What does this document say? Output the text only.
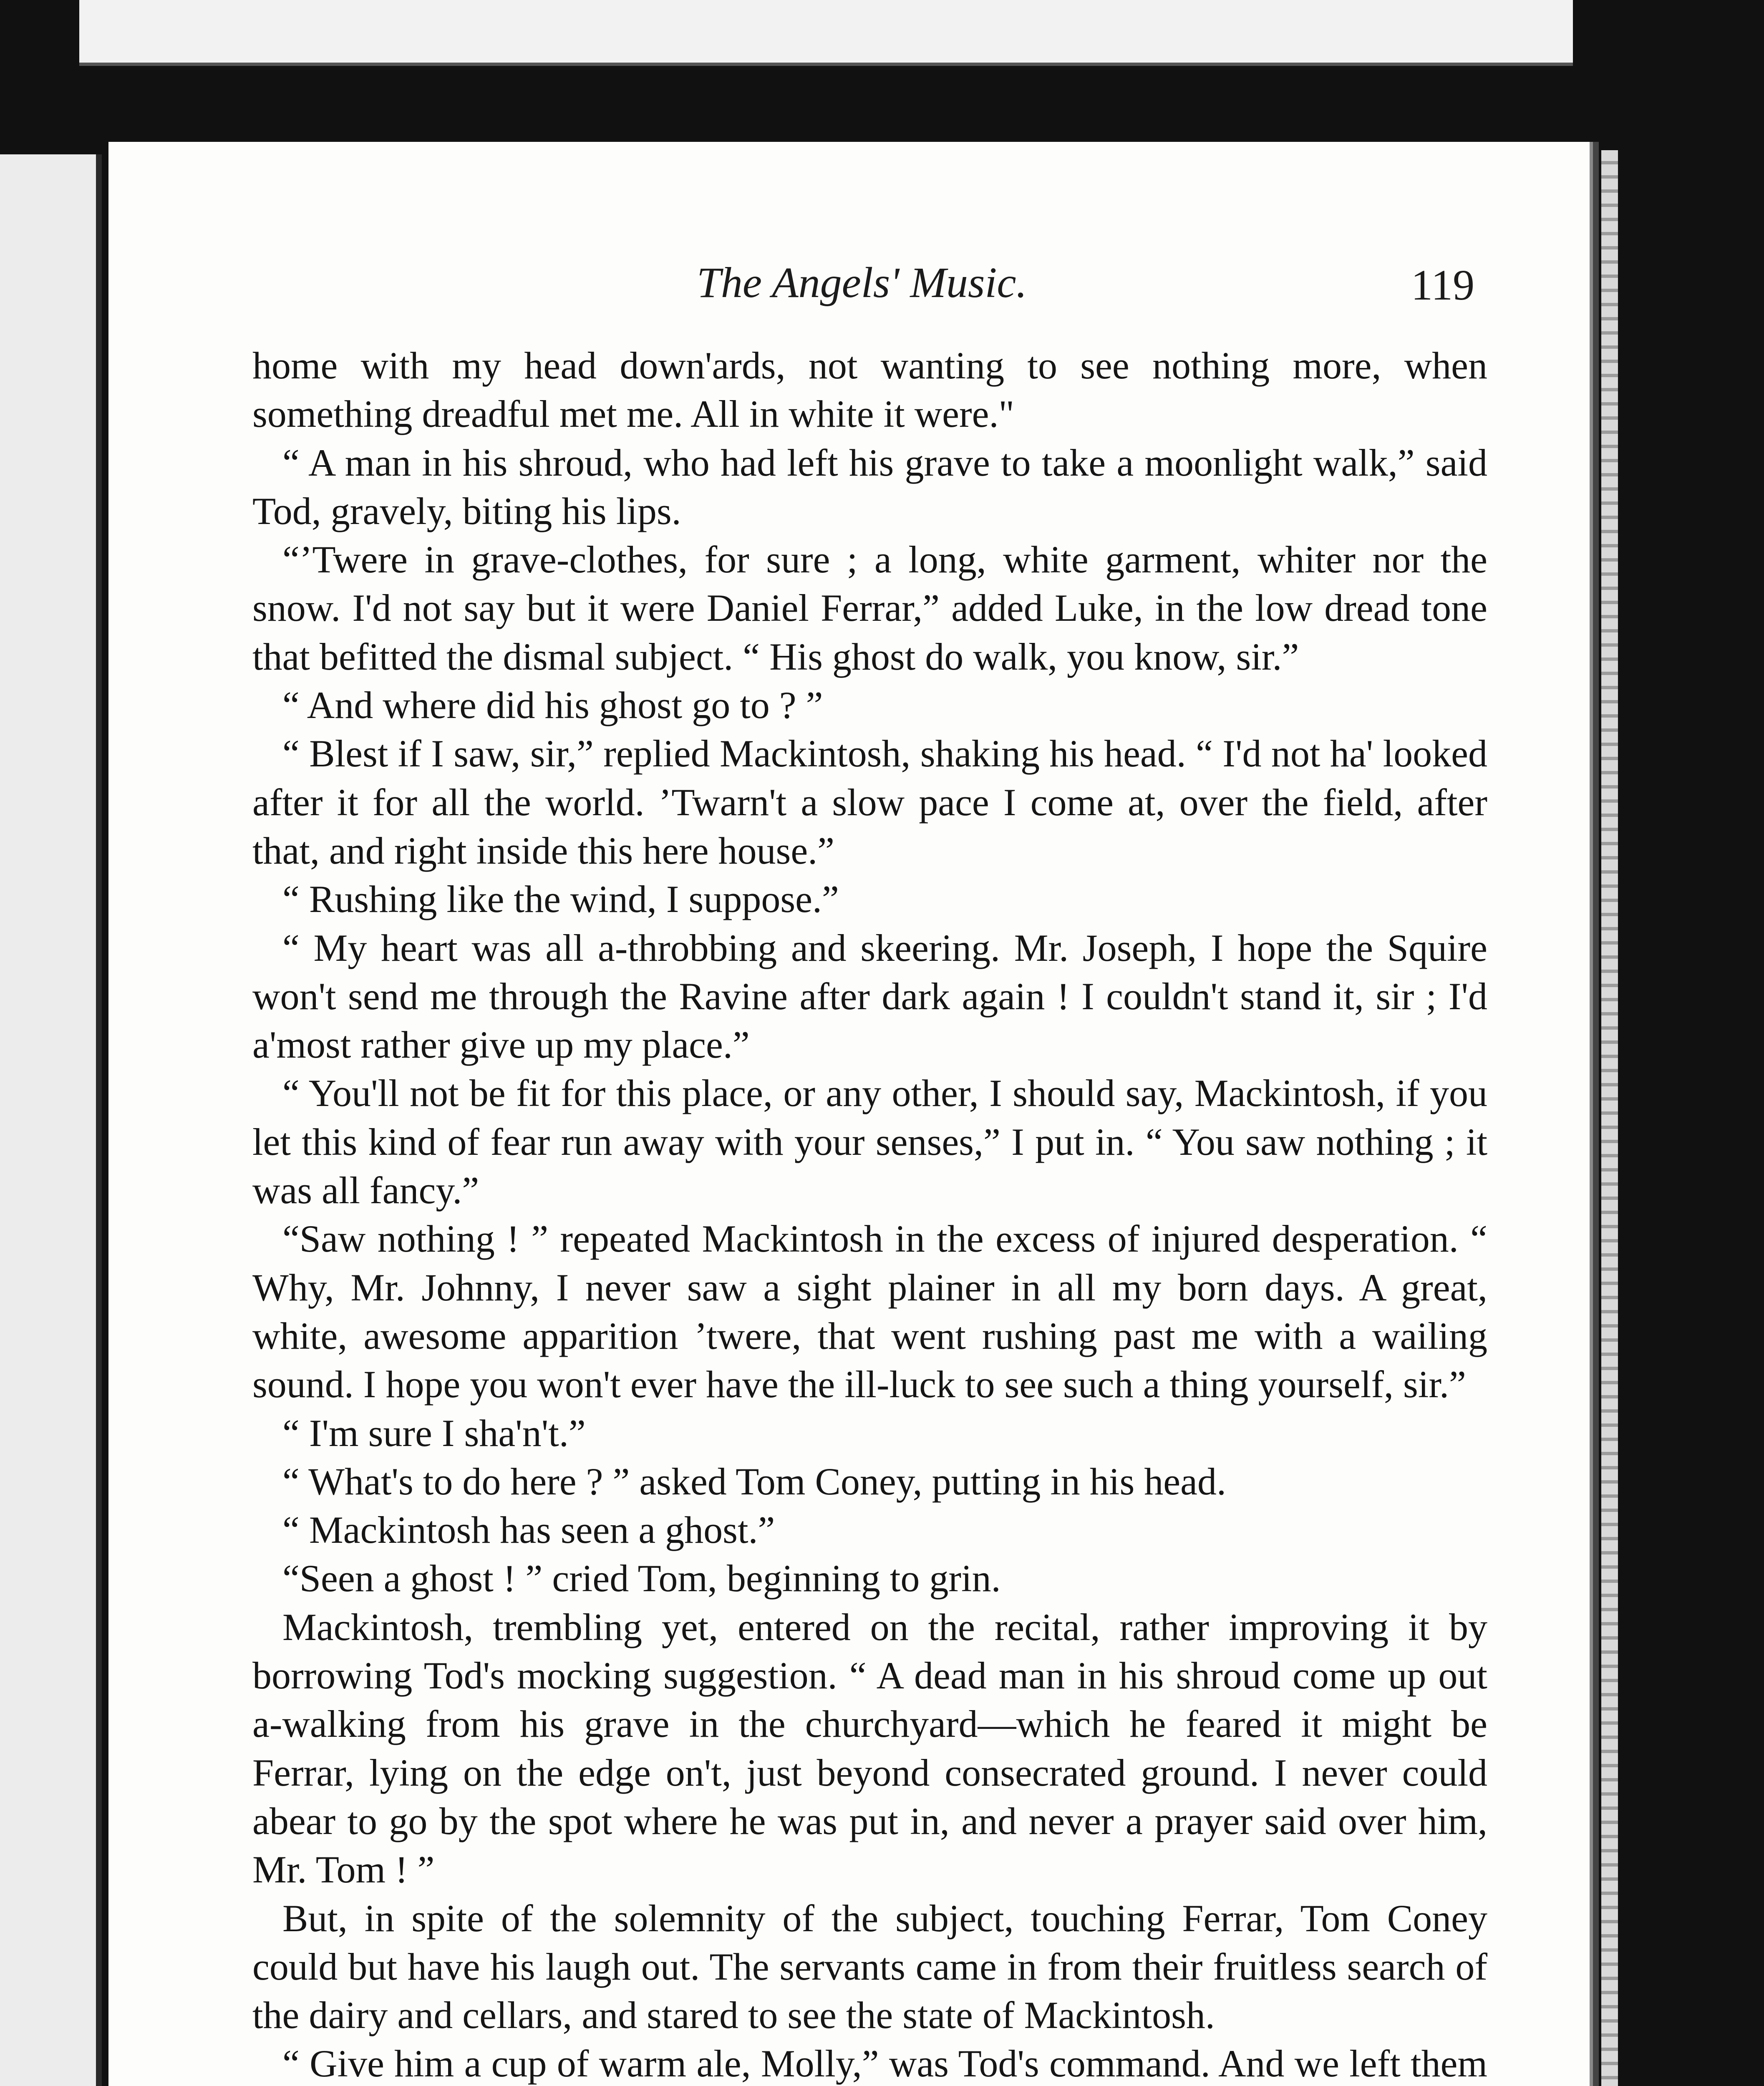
The Angels' Music.	119

home with my head down'ards, not wanting to see nothing more, when something dreadful met me. All in white it were."

“ A man in his shroud, who had left his grave to take a moonlight walk,” said Tod, gravely, biting his lips.

“’Twere in grave-clothes, for sure ; a long, white garment, whiter nor the snow. I'd not say but it were Daniel Ferrar,” added Luke, in the low dread tone that befitted the dismal subject. “ His ghost do walk, you know, sir.”

“ And where did his ghost go to ? ”

“ Blest if I saw, sir,” replied Mackintosh, shaking his head. “ I'd not ha' looked after it for all the world. ’Twarn't a slow pace I come at, over the field, after that, and right inside this here house.”

“ Rushing like the wind, I suppose.”

“ My heart was all a-throbbing and skeering. Mr. Joseph, I hope the Squire won't send me through the Ravine after dark again ! I couldn't stand it, sir ; I'd a'most rather give up my place.”

“ You'll not be fit for this place, or any other, I should say, Mackintosh, if you let this kind of fear run away with your senses,” I put in. “ You saw nothing ; it was all fancy.”

“Saw nothing ! ” repeated Mackintosh in the excess of injured desperation. “ Why, Mr. Johnny, I never saw a sight plainer in all my born days. A great, white, awesome apparition ’twere, that went rushing past me with a wailing sound. I hope you won't ever have the ill-luck to see such a thing yourself, sir.”

“ I'm sure I sha'n't.”

“ What's to do here ? ” asked Tom Coney, putting in his head.

“ Mackintosh has seen a ghost.”

“Seen a ghost ! ” cried Tom, beginning to grin.

Mackintosh, trembling yet, entered on the recital, rather improving it by borrowing Tod's mocking suggestion. “ A dead man in his shroud come up out a-walking from his grave in the churchyard—which he feared it might be Ferrar, lying on the edge on't, just beyond consecrated ground. I never could abear to go by the spot where he was put in, and never a prayer said over him, Mr. Tom ! ”

But, in spite of the solemnity of the subject, touching Ferrar, Tom Coney could but have his laugh out. The servants came in from their fruitless search of the dairy and cellars, and stared to see the state of Mackintosh.

“ Give him a cup of warm ale, Molly,” was Tod's command. And we left them
